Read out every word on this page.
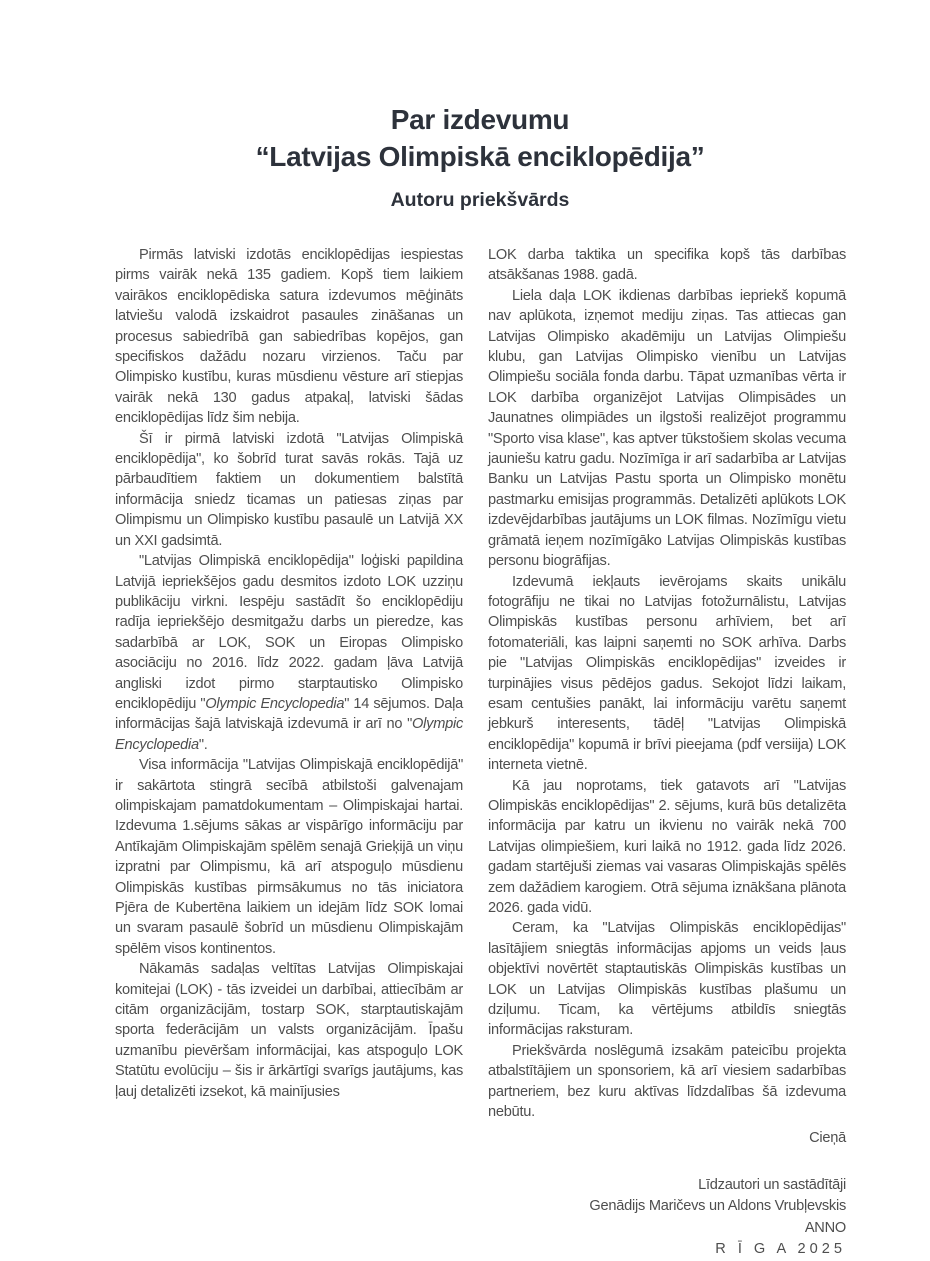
Par izdevumu
“Latvijas Olimpiskā enciklopēdija”
Autoru priekšvārds

Pirmās latviski izdotās enciklopēdijas iespiestas pirms vairāk nekā 135 gadiem. Kopš tiem laikiem vairākos enciklopēdiska satura izdevumos mēģināts latviešu valodā izskaidrot pasaules zināšanas un procesus sabiedrībā gan sabiedrības kopējos, gan specifiskos dažādu nozaru virzienos. Taču par Olimpisko kustību, kuras mūsdienu vēsture arī stiepjas vairāk nekā 130 gadus atpakaļ, latviski šādas enciklopēdijas līdz šim nebija.

Šī ir pirmā latviski izdotā "Latvijas Olimpiskā enciklopēdija", ko šobrīd turat savās rokās. Tajā uz pārbaudītiem faktiem un dokumentiem balstītā informācija sniedz ticamas un patiesas ziņas par Olimpismu un Olimpisko kustību pasaulē un Latvijā XX un XXI gadsimtā.

"Latvijas Olimpiskā enciklopēdija" loģiski papildina Latvijā iepriekšējos gadu desmitos izdoto LOK uzziņu publikāciju virkni. Iespēju sastādīt šo enciklopēdiju radīja iepriekšējo desmitgažu darbs un pieredze, kas sadarbībā ar LOK, SOK un Eiropas Olimpisko asociāciju no 2016. līdz 2022. gadam ļāva Latvijā angliski izdot pirmo starptautisko Olimpisko enciklopēdiju "Olympic Encyclopedia" 14 sējumos. Daļa informācijas šajā latviskajā izdevumā ir arī no "Olympic Encyclopedia".

Visa informācija "Latvijas Olimpiskajā enciklopēdijā" ir sakārtota stingrā secībā atbilstoši galvenajam olimpiskajam pamatdokumentam – Olimpiskajai hartai. Izdevuma 1.sējums sākas ar vispārīgo informāciju par Antīkajām Olimpiskajām spēlēm senajā Grieķijā un viņu izpratni par Olimpismu, kā arī atspoguļo mūsdienu Olimpiskās kustības pirmsākumus no tās iniciatora Pjēra de Kubertēna laikiem un idejām līdz SOK lomai un svaram pasaulē šobrīd un mūsdienu Olimpiskajām spēlēm visos kontinentos.

Nākamās sadaļas veltītas Latvijas Olimpiskajai komitejai (LOK) - tās izveidei un darbībai, attiecībām ar citām organizācijām, tostarp SOK, starptautiskajām sporta federācijām un valsts organizācijām. Īpašu uzmanību pievēršam informācijai, kas atspoguļo LOK Statūtu evolūciju – šis ir ārkārtīgi svarīgs jautājums, kas ļauj detalizēti izsekot, kā mainījusies

LOK darba taktika un specifika kopš tās darbības atsākšanas 1988. gadā.

Liela daļa LOK ikdienas darbības iepriekš kopumā nav aplūkota, izņemot mediju ziņas. Tas attiecas gan Latvijas Olimpisko akadēmiju un Latvijas Olimpiešu klubu, gan Latvijas Olimpisko vienību un Latvijas Olimpiešu sociāla fonda darbu. Tāpat uzmanības vērta ir LOK darbība organizējot Latvijas Olimpisādes un Jaunatnes olimpiādes un ilgstoši realizējot programmu "Sporto visa klase", kas aptver tūkstošiem skolas vecuma jauniešu katru gadu. Nozīmīga ir arī sadarbība ar Latvijas Banku un Latvijas Pastu sporta un Olimpisko monētu pastmarku emisijas programmās. Detalizēti aplūkots LOK izdevējdarbības jautājums un LOK filmas. Nozīmīgu vietu grāmatā ieņem nozīmīgāko Latvijas Olimpiskās kustības personu biogrāfijas.

Izdevumā iekļauts ievērojams skaits unikālu fotogrāfiju ne tikai no Latvijas fotožurnālistu, Latvijas Olimpiskās kustības personu arhīviem, bet arī fotomateriāli, kas laipni saņemti no SOK arhīva. Darbs pie "Latvijas Olimpiskās enciklopēdijas" izveides ir turpinājies visus pēdējos gadus. Sekojot līdzi laikam, esam centušies panākt, lai informāciju varētu saņemt jebkurš interesents, tādēļ "Latvijas Olimpiskā enciklopēdija" kopumā ir brīvi pieejama (pdf versiija) LOK interneta vietnē.

Kā jau noprotams, tiek gatavots arī "Latvijas Olimpiskās enciklopēdijas" 2. sējums, kurā būs detalizēta informācija par katru un ikvienu no vairāk nekā 700 Latvijas olimpiešiem, kuri laikā no 1912. gada līdz 2026. gadam startējuši ziemas vai vasaras Olimpiskajās spēlēs zem dažādiem karogiem. Otrā sējuma iznākšana plānota 2026. gada vidū.

Ceram, ka "Latvijas Olimpiskās enciklopēdijas" lasītājiem sniegtās informācijas apjoms un veids ļaus objektīvi novērtēt staptautiskās Olimpiskās kustības un LOK un Latvijas Olimpiskās kustības plašumu un dziļumu. Ticam, ka vērtējums atbildīs sniegtās informācijas raksturam.

Priekšvārda noslēgumā izsakām pateicību projekta atbalstītājiem un sponsoriem, kā arī viesiem sadarbības partneriem, bez kuru aktīvas līdzdalības šā izdevuma nebūtu.

Cieņā

Līdzautori un sastādītāji

Genādijs Maričevs un Aldons Vrubļevskis

ANNO

R Ī G A 2025
